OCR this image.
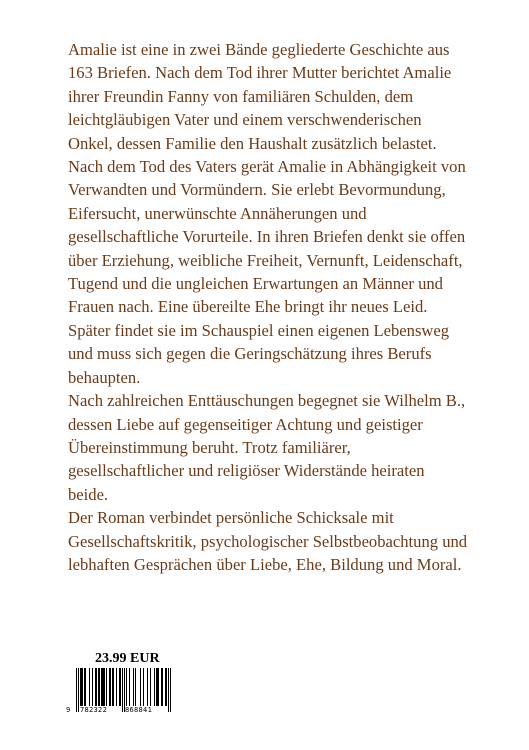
Amalie ist eine in zwei Bände gegliederte Geschichte aus 163 Briefen. Nach dem Tod ihrer Mutter berichtet Amalie ihrer Freundin Fanny von familiären Schulden, dem leichtgläubigen Vater und einem verschwenderischen Onkel, dessen Familie den Haushalt zusätzlich belastet.

Nach dem Tod des Vaters gerät Amalie in Abhängigkeit von Verwandten und Vormündern. Sie erlebt Bevormundung, Eifersucht, unerwünschte Annäherungen und gesellschaftliche Vorurteile. In ihren Briefen denkt sie offen über Erziehung, weibliche Freiheit, Vernunft, Leidenschaft, Tugend und die ungleichen Erwartungen an Männer und Frauen nach. Eine übereilte Ehe bringt ihr neues Leid. Später findet sie im Schauspiel einen eigenen Lebensweg und muss sich gegen die Geringschätzung ihres Berufs behaupten.

Nach zahlreichen Enttäuschungen begegnet sie Wilhelm B., dessen Liebe auf gegenseitiger Achtung und geistiger Übereinstimmung beruht. Trotz familiärer, gesellschaftlicher und religiöser Widerstände heiraten beide.

Der Roman verbindet persönliche Schicksale mit Gesellschaftskritik, psychologischer Selbstbeobachtung und lebhaften Gesprächen über Liebe, Ehe, Bildung und Moral.

23.99 EUR
9 782322	868841
